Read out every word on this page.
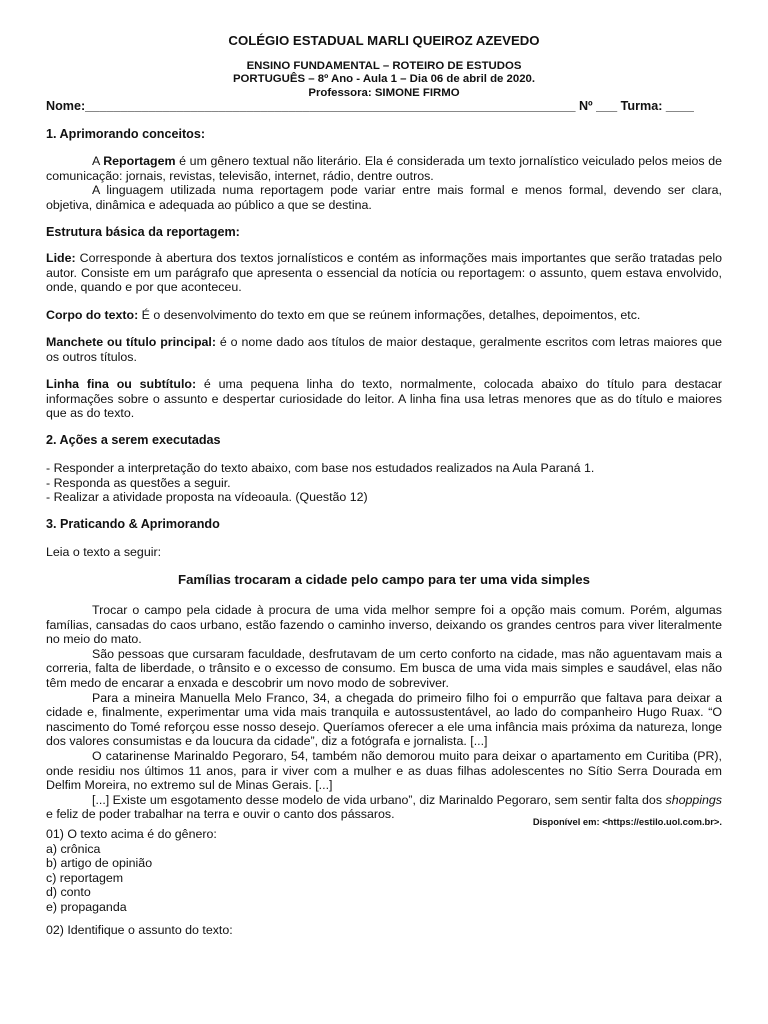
COLÉGIO ESTADUAL MARLI QUEIROZ AZEVEDO
ENSINO FUNDAMENTAL – ROTEIRO DE ESTUDOS
PORTUGUÊS – 8º Ano - Aula 1 – Dia 06 de abril de 2020.
Professora: SIMONE FIRMO
Nome:______________________________________________________________________ Nº ___ Turma: ____
1. Aprimorando conceitos:

A Reportagem é um gênero textual não literário. Ela é considerada um texto jornalístico veiculado pelos meios de comunicação: jornais, revistas, televisão, internet, rádio, dentre outros.

A linguagem utilizada numa reportagem pode variar entre mais formal e menos formal, devendo ser clara, objetiva, dinâmica e adequada ao público a que se destina.

Estrutura básica da reportagem:
Lide: Corresponde à abertura dos textos jornalísticos e contém as informações mais importantes que serão tratadas pelo autor. Consiste em um parágrafo que apresenta o essencial da notícia ou reportagem: o assunto, quem estava envolvido, onde, quando e por que aconteceu.
Corpo do texto: É o desenvolvimento do texto em que se reúnem informações, detalhes, depoimentos, etc.
Manchete ou título principal: é o nome dado aos títulos de maior destaque, geralmente escritos com letras maiores que os outros títulos.
Linha fina ou subtítulo: é uma pequena linha do texto, normalmente, colocada abaixo do título para destacar informações sobre o assunto e despertar curiosidade do leitor. A linha fina usa letras menores que as do título e maiores que as do texto.
2. Ações a serem executadas
- Responder a interpretação do texto abaixo, com base nos estudados realizados na Aula Paraná 1.
- Responda as questões a seguir.
- Realizar a atividade proposta na vídeoaula. (Questão 12)
3. Praticando & Aprimorando
Leia o texto a seguir:
Famílias trocaram a cidade pelo campo para ter uma vida simples

Trocar o campo pela cidade à procura de uma vida melhor sempre foi a opção mais comum. Porém, algumas famílias, cansadas do caos urbano, estão fazendo o caminho inverso, deixando os grandes centros para viver literalmente no meio do mato.

São pessoas que cursaram faculdade, desfrutavam de um certo conforto na cidade, mas não aguentavam mais a correria, falta de liberdade, o trânsito e o excesso de consumo. Em busca de uma vida mais simples e saudável, elas não têm medo de encarar a enxada e descobrir um novo modo de sobreviver.

Para a mineira Manuella Melo Franco, 34, a chegada do primeiro filho foi o empurrão que faltava para deixar a cidade e, finalmente, experimentar uma vida mais tranquila e autossustentável, ao lado do companheiro Hugo Ruax. “O nascimento do Tomé reforçou esse nosso desejo. Queríamos oferecer a ele uma infância mais próxima da natureza, longe dos valores consumistas e da loucura da cidade”, diz a fotógrafa e jornalista. [...]

O catarinense Marinaldo Pegoraro, 54, também não demorou muito para deixar o apartamento em Curitiba (PR), onde residiu nos últimos 11 anos, para ir viver com a mulher e as duas filhas adolescentes no Sítio Serra Dourada em Delfim Moreira, no extremo sul de Minas Gerais. [...]

[...] Existe um esgotamento desse modelo de vida urbano”, diz Marinaldo Pegoraro, sem sentir falta dos shoppings e feliz de poder trabalhar na terra e ouvir o canto dos pássaros.

Disponível em: <https://estilo.uol.com.br>.
01) O texto acima é do gênero:
a) crônica
b) artigo de opinião
c) reportagem
d) conto
e) propaganda
02) Identifique o assunto do texto:
